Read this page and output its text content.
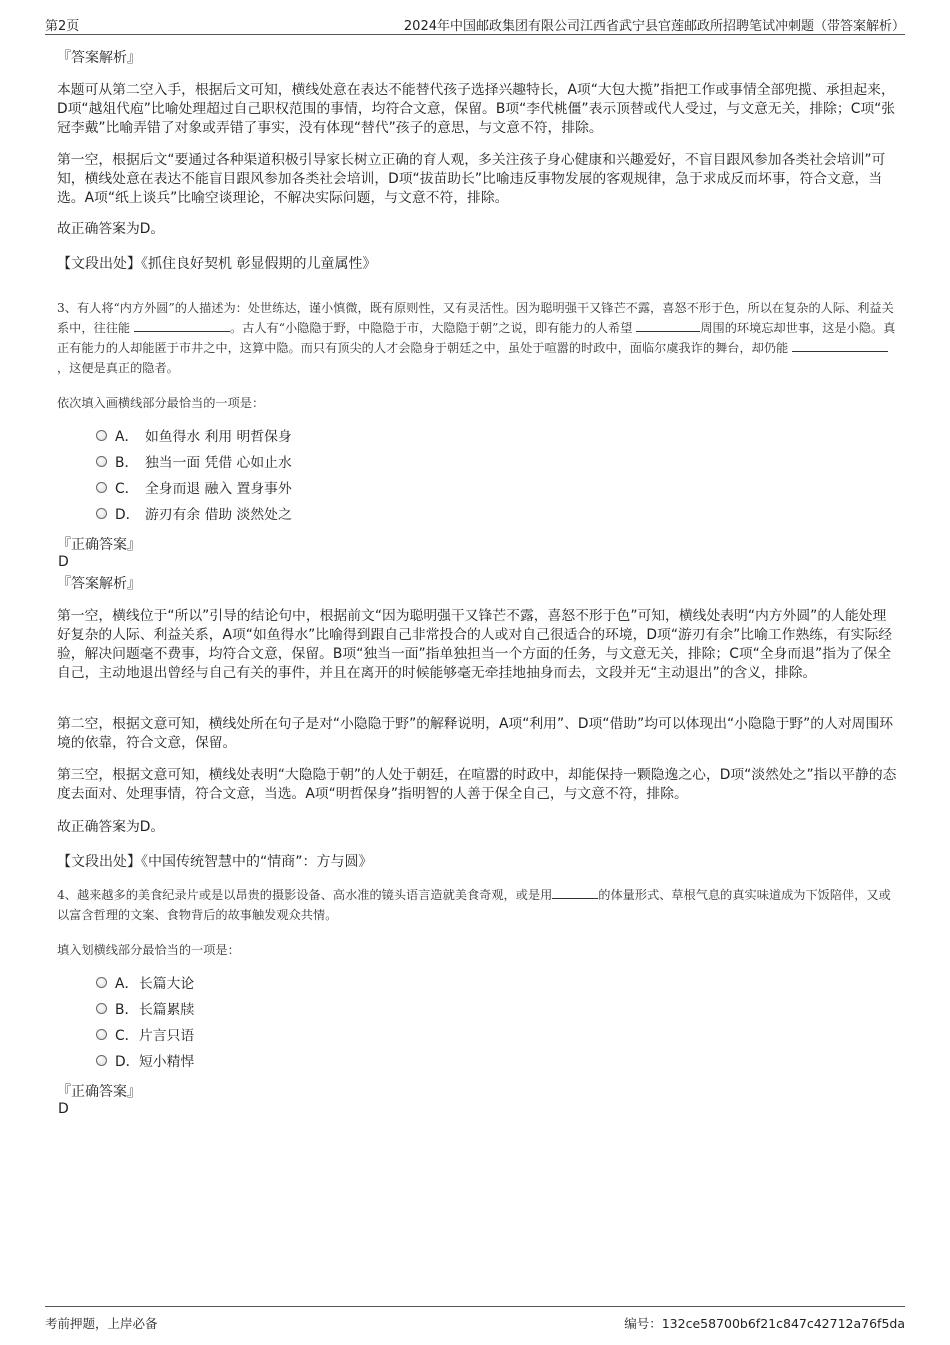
第2页	2024年中国邮政集团有限公司江西省武宁县官莲邮政所招聘笔试冲刺题（带答案解析）
『答案解析』

本题可从第二空入手，根据后文可知，横线处意在表达不能替代孩子选择兴趣特长，A项“大包大揽”指把工作或事情全部兜揽、承担起来，D项“越俎代庖”比喻处理超过自己职权范围的事情，均符合文意，保留。B项“李代桃僵”表示顶替或代人受过，与文意无关，排除；C项“张冠李戴”比喻弄错了对象或弄错了事实，没有体现“替代”孩子的意思，与文意不符，排除。

第一空，根据后文“要通过各种渠道积极引导家长树立正确的育人观，多关注孩子身心健康和兴趣爱好，不盲目跟风参加各类社会培训”可知，横线处意在表达不能盲目跟风参加各类社会培训，D项“拔苗助长”比喻违反事物发展的客观规律，急于求成反而坏事，符合文意，当选。A项“纸上谈兵”比喻空谈理论，不解决实际问题，与文意不符，排除。

故正确答案为D。
【文段出处】《抓住良好契机 彰显假期的儿童属性》

3、有人将“内方外圆”的人描述为：处世练达，谨小慎微，既有原则性，又有灵活性。因为聪明强干又锋芒不露，喜怒不形于色，所以在复杂的人际、利益关系中，往往能	。古人有“小隐隐于野，中隐隐于市，大隐隐于朝”之说，即有能力的人希望	周围的环境忘却世事，这是小隐。真正有能力的人却能匿于市井之中，这算中隐。而只有顶尖的人才会隐身于朝廷之中，虽处于喧嚣的时政中，面临尔虞我诈的舞台，却仍能 ，这便是真正的隐者。

依次填入画横线部分最恰当的一项是：
A． 如鱼得水 利用 明哲保身
B． 独当一面 凭借 心如止水
C． 全身而退 融入 置身事外
D． 游刃有余 借助 淡然处之
『正确答案』
D
『答案解析』

第一空，横线位于“所以”引导的结论句中，根据前文“因为聪明强干又锋芒不露，喜怒不形于色”可知，横线处表明“内方外圆”的人能处理好复杂的人际、利益关系，A项“如鱼得水”比喻得到跟自己非常投合的人或对自己很适合的环境，D项“游刃有余”比喻工作熟练，有实际经验，解决问题毫不费事，均符合文意，保留。B项“独当一面”指单独担当一个方面的任务，与文意无关，排除；C项“全身而退”指为了保全自己，主动地退出曾经与自己有关的事件，并且在离开的时候能够毫无牵挂地抽身而去，文段并无“主动退出”的含义，排除。

第二空，根据文意可知，横线处所在句子是对“小隐隐于野”的解释说明，A项“利用”、D项“借助”均可以体现出“小隐隐于野”的人对周围环境的依靠，符合文意，保留。

第三空，根据文意可知，横线处表明“大隐隐于朝”的人处于朝廷，在喧嚣的时政中，却能保持一颗隐逸之心，D项“淡然处之”指以平静的态度去面对、处理事情，符合文意，当选。A项“明哲保身”指明智的人善于保全自己，与文意不符，排除。

故正确答案为D。
【文段出处】《中国传统智慧中的“情商”：方与圆》

4、越来越多的美食纪录片或是以昂贵的摄影设备、高水准的镜头语言造就美食奇观，或是用	的体量形式、草根气息的真实味道成为下饭陪伴，又或以富含哲理的文案、食物背后的故事触发观众共情。

填入划横线部分最恰当的一项是：
A．长篇大论
B．长篇累牍
C．片言只语
D．短小精悍
『正确答案』
D
考前押题，上岸必备	编号：132ce58700b6f21c847c42712a76f5da
